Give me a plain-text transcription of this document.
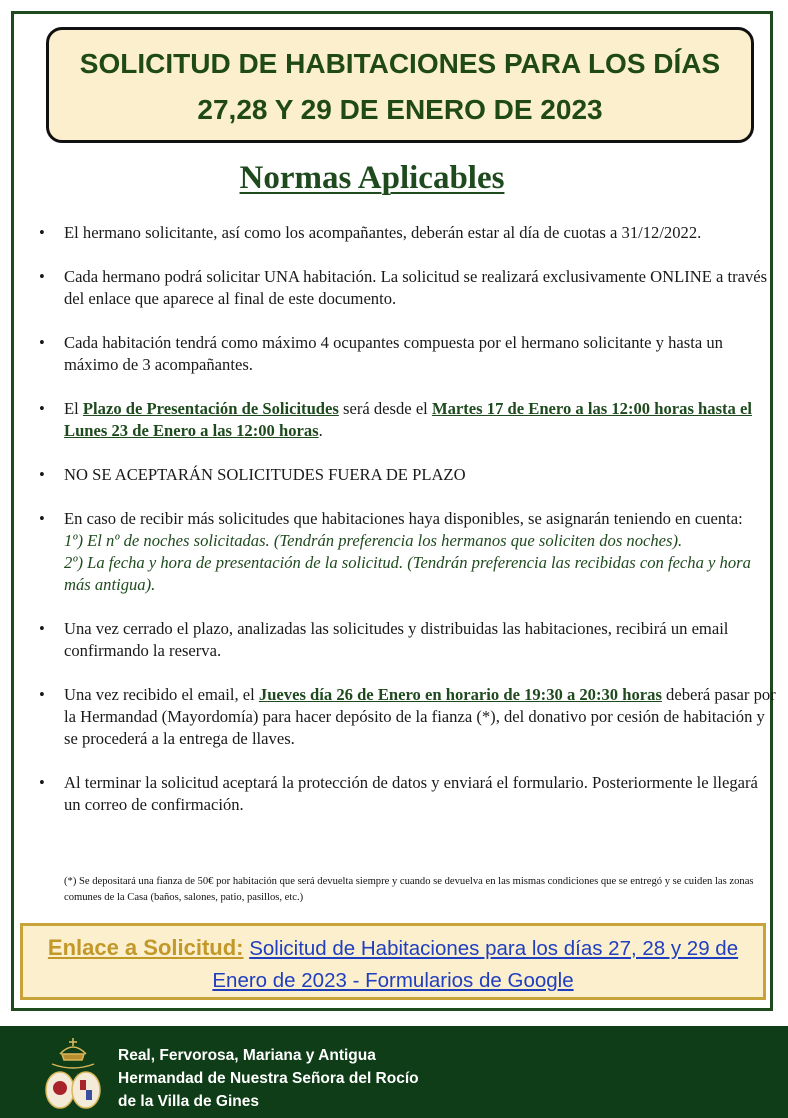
SOLICITUD DE HABITACIONES PARA LOS DÍAS
27,28 Y 29 DE ENERO DE 2023
Normas Aplicables
• El hermano solicitante, así como los acompañantes, deberán estar al día de cuotas a 31/12/2022.
• Cada hermano podrá solicitar UNA habitación. La solicitud se realizará exclusivamente ONLINE a través del enlace que aparece al final de este documento.
• Cada habitación tendrá como máximo 4 ocupantes compuesta por el hermano solicitante y hasta un máximo de 3 acompañantes.
• El Plazo de Presentación de Solicitudes será desde el Martes 17 de Enero a las 12:00 horas hasta el Lunes 23 de Enero a las 12:00 horas.
• NO SE ACEPTARÁN SOLICITUDES FUERA DE PLAZO
• En caso de recibir más solicitudes que habitaciones haya disponibles, se asignarán teniendo en cuenta:
1º) El nº de noches solicitadas. (Tendrán preferencia los hermanos que soliciten dos noches).
2º) La fecha y hora de presentación de la solicitud. (Tendrán preferencia las recibidas con fecha y hora más antigua).
• Una vez cerrado el plazo, analizadas las solicitudes y distribuidas las habitaciones, recibirá un email confirmando la reserva.
• Una vez recibido el email, el Jueves día 26 de Enero en horario de 19:30 a 20:30 horas deberá pasar por la Hermandad (Mayordomía) para hacer depósito de la fianza (*), del donativo por cesión de habitación y se procederá a la entrega de llaves.
• Al terminar la solicitud aceptará la protección de datos y enviará el formulario. Posteriormente le llegará un correo de confirmación.
(*) Se depositará una fianza de 50€ por habitación que será devuelta siempre y cuando se devuelva en las mismas condiciones que se entregó y se cuiden las zonas comunes de la Casa (baños, salones, patio, pasillos, etc.)
Enlace a Solicitud: Solicitud de Habitaciones para los días 27, 28 y 29 de Enero de 2023 - Formularios de Google
Real, Fervorosa, Mariana y Antigua
Hermandad de Nuestra Señora del Rocío
de la Villa de Gines
